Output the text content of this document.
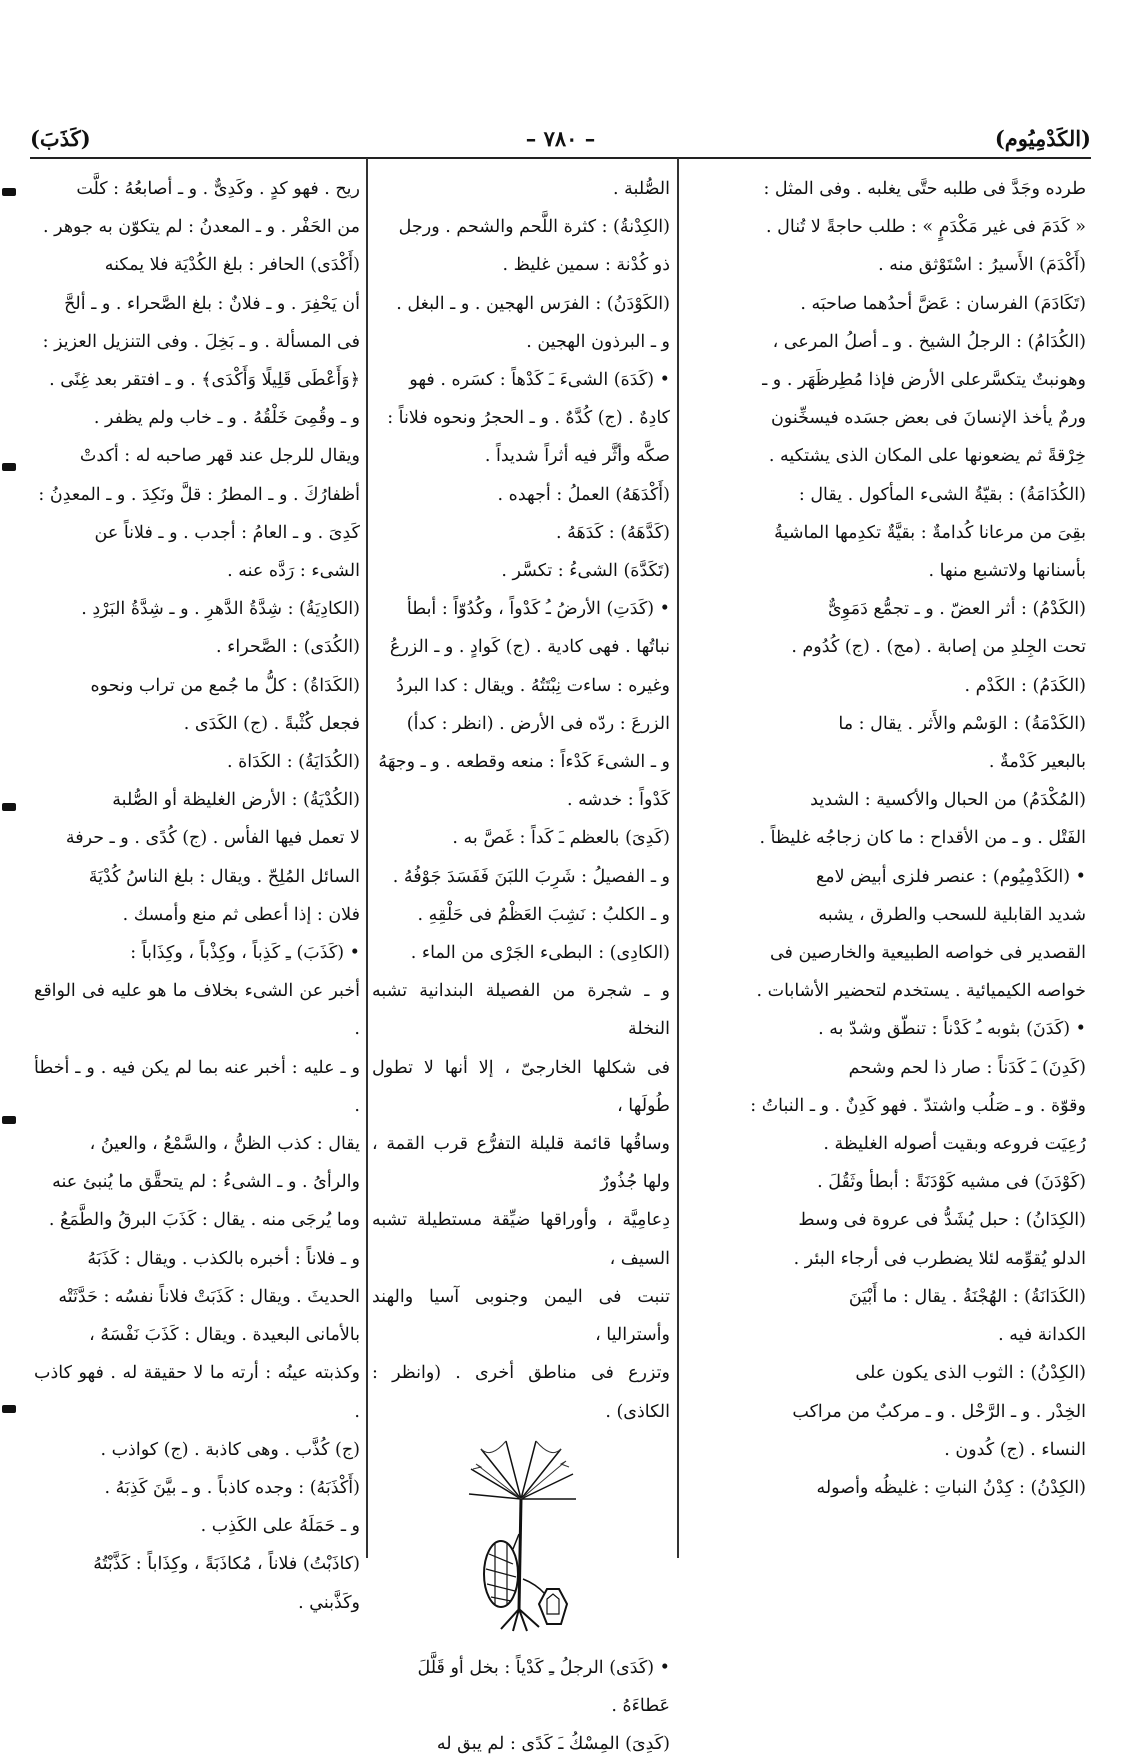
(الكَدْمِيُوم)
– ٧٨٠ –
(كَذَبَ)

طرده وجَدَّ فى طلبه حتَّى يغلبه . وفى المثل :

« كَدَمَ فى غير مَكْدَمٍ » : طلب حاجةً لا تُنال .

(أَكْدَمَ) الأَسيرُ : اسْتَوْثق منه .

(تَكَادَمَ) الفرسان : عَضَّ أحدُهما صاحبَه .

(الكُدَامُ) : الرجلُ الشيخ . و ـ أصلُ المرعى ،

وهونبتٌ يتكسَّرعلى الأرض فإذا مُطِرظَهَر . و ـ

ورمٌ يأخذ الإنسانَ فى بعض جسَده فيسخِّنون

خِرْقةً ثم يضعونها على المكان الذى يشتكيه .

(الكُدَامَةُ) : بقيّةُ الشىء المأكول . يقال :

بقِىَ من مرعانا كُدامةٌ : بقيَّةٌ تكدِمها الماشيةُ

بأسنانها ولاتشبع منها .

(الكَدْمُ) : أثر العضّ . و ـ تجمُّع دَمَوِىٌّ

تحت الجِلدِ من إصابة . (مج) . (ج) كُدُوم .

(الكَدَمُ) : الكَدْم .

(الكَدْمَةُ) : الوَسْم والأَثر . يقال : ما

بالبعير كَدْمةٌ .

(المُكْدَمُ) من الحبال والأكسية : الشديد

الفَتْل . و ـ من الأقداح : ما كان زجاجُه غليظاً .

• (الكَدْمِيُوم) : عنصر فلزى أبيض لامع

شديد القابلية للسحب والطرق ، يشبه

القصدير فى خواصه الطبيعية والخارصين فى

خواصه الكيميائية . يستخدم لتحضير الأشابات .

• (كَدَنَ) بثوبه ـُ كَدْناً : تنطّق وشدّ به .

(كَدِنَ) ـَ كَدَناً : صار ذا لحم وشحم

وقوّة . و ـ صَلُب واشتدّ . فهو كَدِنٌ . و ـ النباتُ :

رُعِيَت فروعه وبقيت أصوله الغليظة .

(كَوْدَنَ) فى مشيه كَوْدَنَةً : أبطأ وثَقُلَ .

(الكِدَانُ) : حبل يُشَدُّ فى عروة فى وسط

الدلو يُقوِّمه لئلا يضطرب فى أرجاء البئر .

(الكَدَانَةُ) : الهُجْنَةُ . يقال : ما أَبْيَنَ

الكدانة فيه .

(الكِدْنُ) : الثوب الذى يكون على

الخِدْر . و ـ الرَّحْل . و ـ مركبٌ من مراكب

النساء . (ج) كُدون .

(الكِدْنُ) : كِدْنُ النباتِ : غليظُه وأصوله

الصُّلبة .

(الكِدْنةُ) : كثرة اللَّحم والشحم . ورجل

ذو كُدْنة : سمين غليظ .

(الكَوْدَنُ) : الفرَس الهجين . و ـ البغل .

و ـ البرذون الهجين .

• (كَدَهَ) الشىءَ ـَ كَدْهاً : كسَره . فهو

كادِهٌ . (ج) كُدَّهٌ . و ـ الحجرُ ونحوه فلاناً :

صكَّه وأثَّر فيه أثراً شديداً .

(أَكْدَهَهُ) العملُ : أجهده .

(كَدَّهَهُ) : كَدَهَهُ .

(تَكَدَّهَ) الشىءُ : تكسَّر .

• (كَدَتِ) الأرضُ ـُ كَدْواً ، وكُدُوّاً : أبطأ

نباتُها . فهى كادية . (ج) كَوادٍ . و ـ الزرعُ

وغيره : ساءت نِبْتَتُهُ . ويقال : كدا البردُ

الزرعَ : ردّه فى الأرض . (انظر : كدأ)

و ـ الشىءَ كَدْءاً : منعه وقطعه . و ـ وجهَهُ

كَدْواً : خدشه .

(كَدِىَ) بالعظم ـَ كَداً : غَصَّ به .

و ـ الفصيلُ : شَرِبَ اللبَنَ فَفَسَدَ جَوْفُهُ .

و ـ الكلبُ : نَشِبَ العَظْمُ فى حَلْقِهِ .

(الكادِى) : البطىء الجَرْى من الماء .

و ـ شجرة من الفصيلة البندانية تشبه النخلة

فى شكلها الخارجىّ ، إلا أنها لا تطول طُولَها ،

وساقُها قائمة قليلة التفرُّع قرب القمة ، ولها جُذُورٌ

دِعامِيَّة ، وأوراقها ضيِّقة مستطيلة تشبه السيف ،

تنبت فى اليمن وجنوبى آسيا والهند وأستراليا ،

وتزرع فى مناطق أخرى . (وانظر : الكاذى) .

• (كَدَى) الرجلُ ـِ كَدْياً : بخل أو قَلَّلَ

عَطاءَهُ .

(كَدِىَ) المِسْكُ ـَ كَدًى : لم يبق له

ريح . فهو كدٍ . وكَدِىٌّ . و ـ أصابعُهُ : كلَّت

من الحَفْر . و ـ المعدنُ : لم يتكوّن به جوهر .

(أَكْدَى) الحافر : بلغ الكُدْيَة فلا يمكنه

أن يَحْفِرَ . و ـ فلانٌ : بلغ الصَّحراء . و ـ ألحَّ

فى المسألة . و ـ بَخِلَ . وفى التنزيل العزيز :

﴿وَأَعْطَى قَلِيلًا وَأَكْدَى﴾ . و ـ افتقر بعد غِنًى .

و ـ وقُمِىَ خَلْقُهُ . و ـ خاب ولم يظفر .

ويقال للرجل عند قهر صاحبه له : أكدتْ

أظفارُكَ . و ـ المطرُ : قلَّ ونَكِدَ . و ـ المعدِنُ :

كَدِىَ . و ـ العامُ : أجدب . و ـ فلاناً عن

الشىء : رَدَّه عنه .

(الكادِيَةُ) : شِدَّةُ الدَّهرِ . و ـ شِدَّةُ البَرْدِ .

(الكُدَى) : الصَّحراء .

(الكَدَاةُ) : كلُّ ما جُمع من تراب ونحوه

فجعل كُثْبةً . (ج) الكَدَى .

(الكُدَايَةُ) : الكَدَاة .

(الكُدْيَةُ) : الأرض الغليظة أو الصُّلبة

لا تعمل فيها الفأس . (ج) كُدًى . و ـ حرفة

السائل المُلِحّ . ويقال : بلغ الناسُ كُدْيَةَ

فلان : إذا أعطى ثم منع وأمسك .

• (كَذَبَ) ـِ كَذِباً ، وكِذْباً ، وكِذَاباً :

أخبر عن الشىء بخلاف ما هو عليه فى الواقع .

و ـ عليه : أخبر عنه بما لم يكن فيه . و ـ أخطأ .

يقال : كذب الظنُّ ، والسَّمْعُ ، والعينُ ،

والرأىُ . و ـ الشىءُ : لم يتحقَّق ما يُنبئ عنه

وما يُرجَى منه . يقال : كَذَبَ البرقُ والطَّمَعُ .

و ـ فلاناً : أخبره بالكذب . ويقال : كَذَبَهُ

الحديثَ . ويقال : كَذَبَتْ فلاناً نفسُه : حَدَّثَتْه

بالأمانى البعيدة . ويقال : كَذَبَ نَفْسَهُ ،

وكذبته عينُه : أرته ما لا حقيقة له . فهو كاذب .

(ج) كُذَّب . وهى كاذبة . (ج) كواذب .

(أَكْذَبَهُ) : وجده كاذباً . و ـ بيَّنَ كَذِبَهُ .

و ـ حَمَلَهُ على الكَذِب .

(كاذَبْتُ) فلاناً ، مُكاذَبَةً ، وكِذَاباً : كَذَّبْتُهُ

وكَذَّبني .
